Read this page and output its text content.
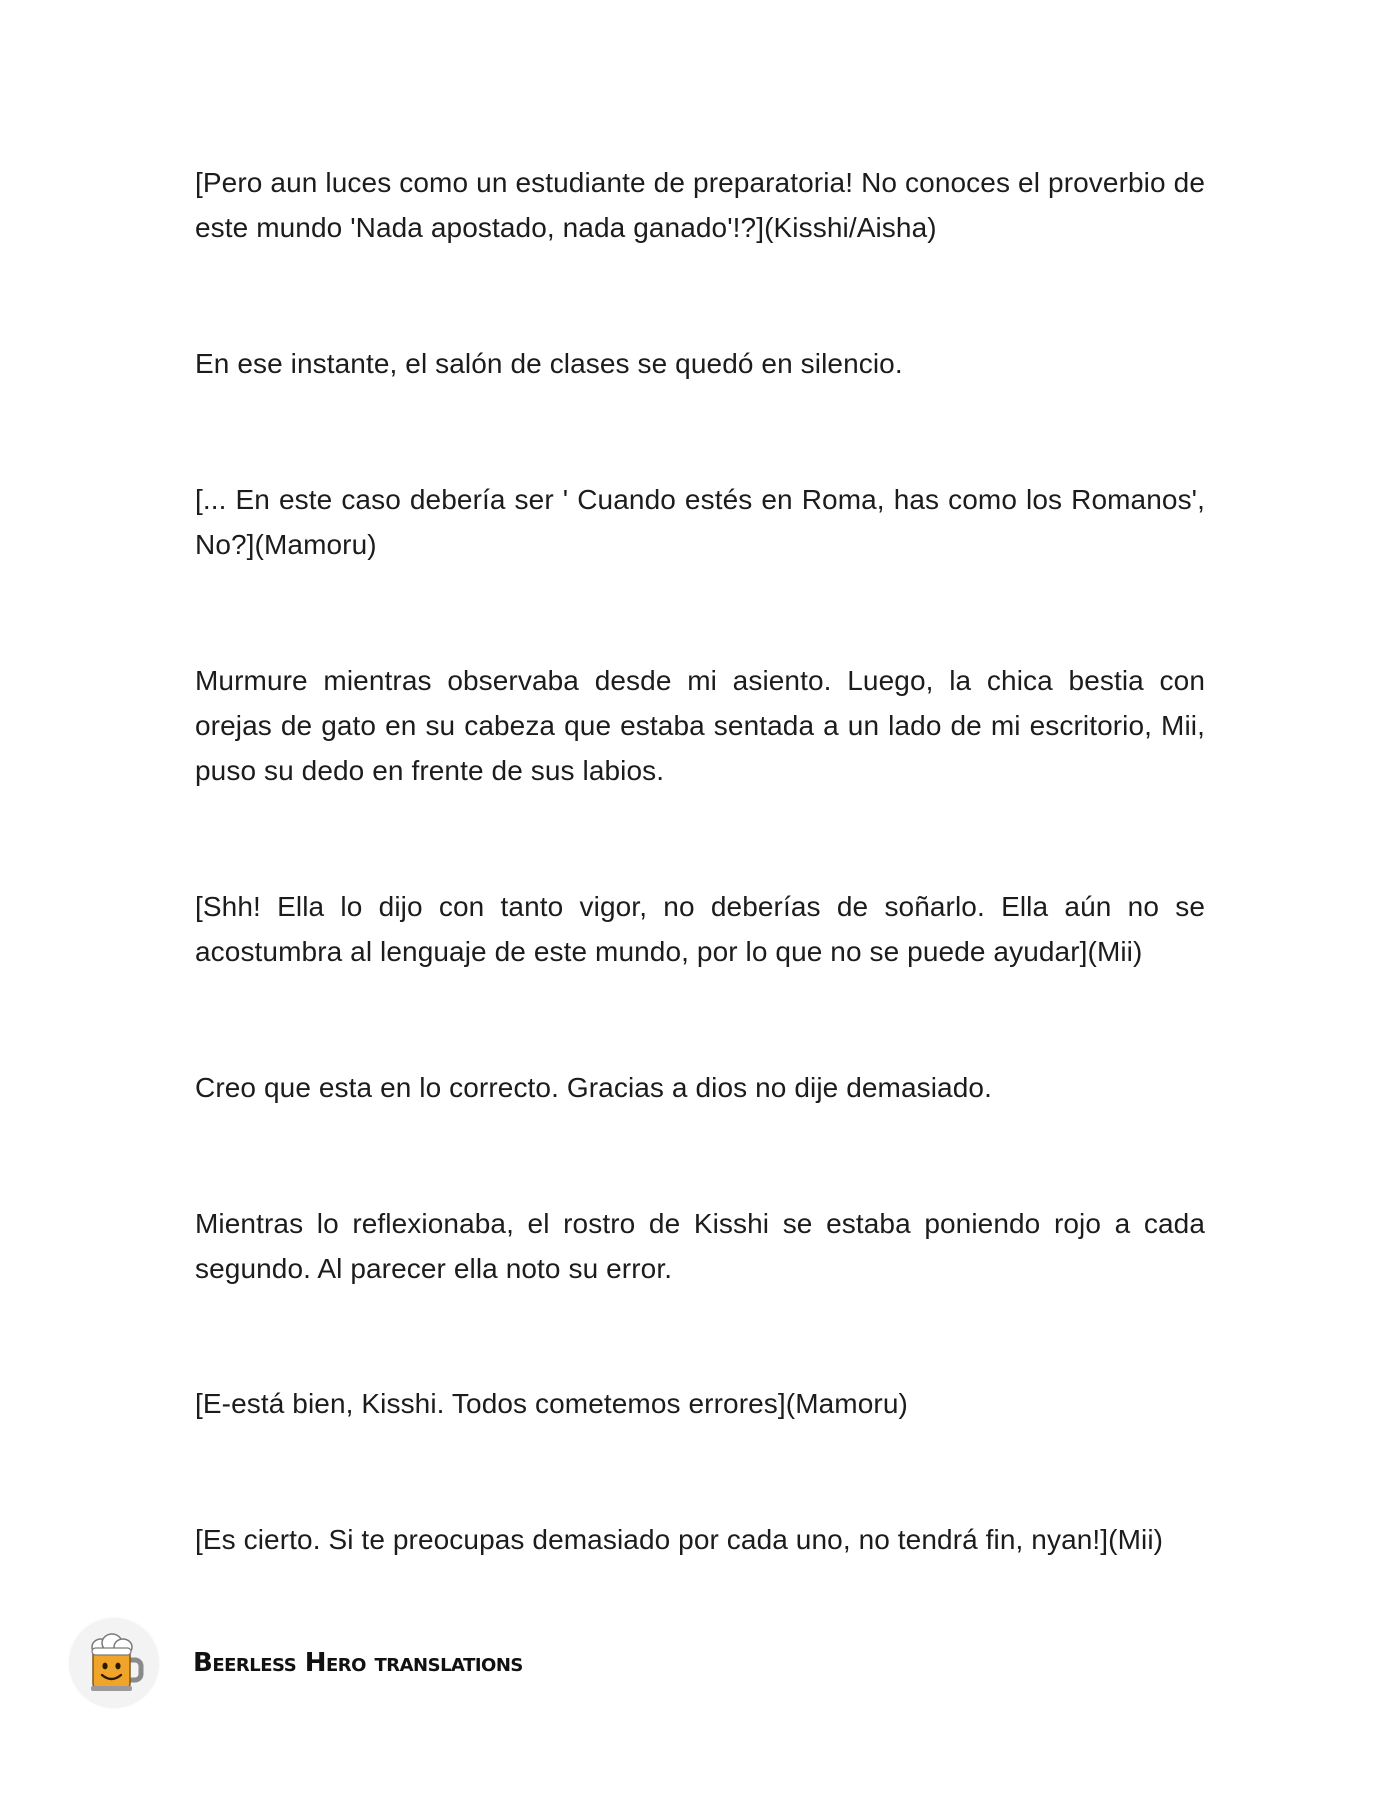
[Pero aun luces como un estudiante de preparatoria! No conoces el proverbio de este mundo 'Nada apostado, nada ganado'!?](Kisshi/Aisha)

En ese instante, el salón de clases se quedó en silencio.

[... En este caso debería ser ' Cuando estés en Roma, has como los Romanos', No?](Mamoru)

Murmure mientras observaba desde mi asiento. Luego, la chica bestia con orejas de gato en su cabeza que estaba sentada a un lado de mi escritorio, Mii, puso su dedo en frente de sus labios.

[Shh! Ella lo dijo con tanto vigor, no deberías de soñarlo. Ella aún no se acostumbra al lenguaje de este mundo, por lo que no se puede ayudar](Mii)

Creo que esta en lo correcto. Gracias a dios no dije demasiado.

Mientras lo reflexionaba, el rostro de Kisshi se estaba poniendo rojo a cada segundo. Al parecer ella noto su error.

[E-está bien, Kisshi. Todos cometemos errores](Mamoru)

[Es cierto. Si te preocupas demasiado por cada uno, no tendrá fin, nyan!](Mii)

Beerless Hero translations
